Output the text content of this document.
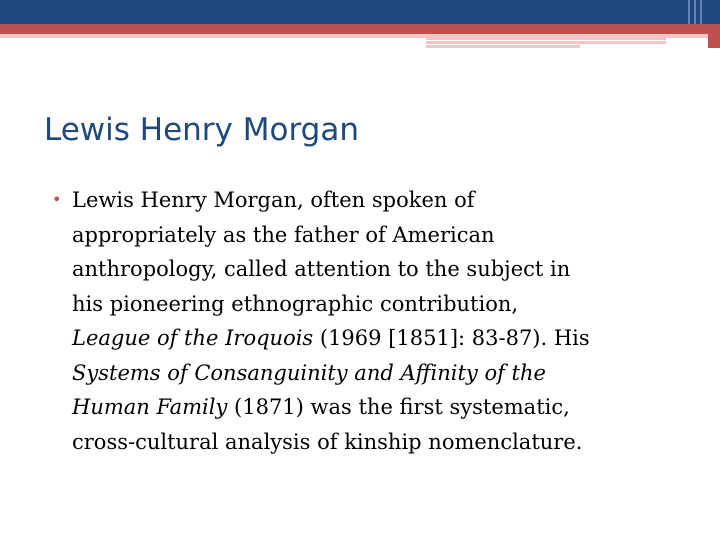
Lewis Henry Morgan
• Lewis Henry Morgan, often spoken of
appropriately as the father of American
anthropology, called attention to the subject in
his pioneering ethnographic contribution,
League of the Iroquois (1969 [1851]: 83-87). His
Systems of Consanguinity and Affinity of the
Human Family (1871) was the first systematic,
cross-cultural analysis of kinship nomenclature.
